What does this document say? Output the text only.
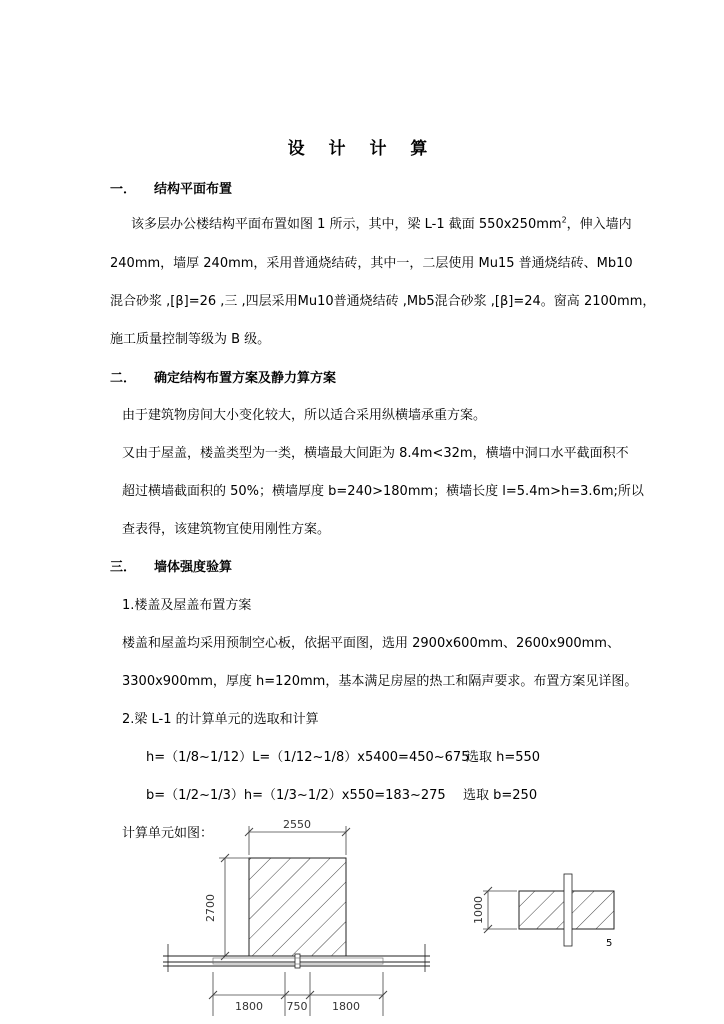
设 计 计 算
一． 结构平面布置
该多层办公楼结构平面布置如图 1 所示，其中，梁 L-1 截面 $550x250mm^2$，伸入墙内
240mm，墙厚 240mm，采用普通烧结砖，其中一，二层使用 Mu15 普通烧结砖、Mb10
混合砂浆 ,[β]=26 ,三 ,四层采用Mu10普通烧结砖 ,Mb5混合砂浆 ,[β]=24。窗高 2100mm，
施工质量控制等级为 B 级。
二． 确定结构布置方案及静力算方案
由于建筑物房间大小变化较大，所以适合采用纵横墙承重方案。
又由于屋盖，楼盖类型为一类，横墙最大间距为 8.4m<32m，横墙中洞口水平截面积不
超过横墙截面积的 50%；横墙厚度 b=240>180mm；横墙长度 l=5.4m>h=3.6m;所以
查表得，该建筑物宜使用刚性方案。
三． 墙体强度验算
1.楼盖及屋盖布置方案
楼盖和屋盖均采用预制空心板，依据平面图，选用 2900x600mm、2600x900mm、
3300x900mm，厚度 h=120mm，基本满足房屋的热工和隔声要求。布置方案见详图。
2.梁 L-1 的计算单元的选取和计算
h=（1/8~1/12）L=（1/12~1/8）x5400=450~675
选取 h=550
b=（1/2~1/3）h=（1/3~1/2）x550=183~275 选取 b=250
计算单元如图：
2550
2700
1800 750 1800
1000
5
